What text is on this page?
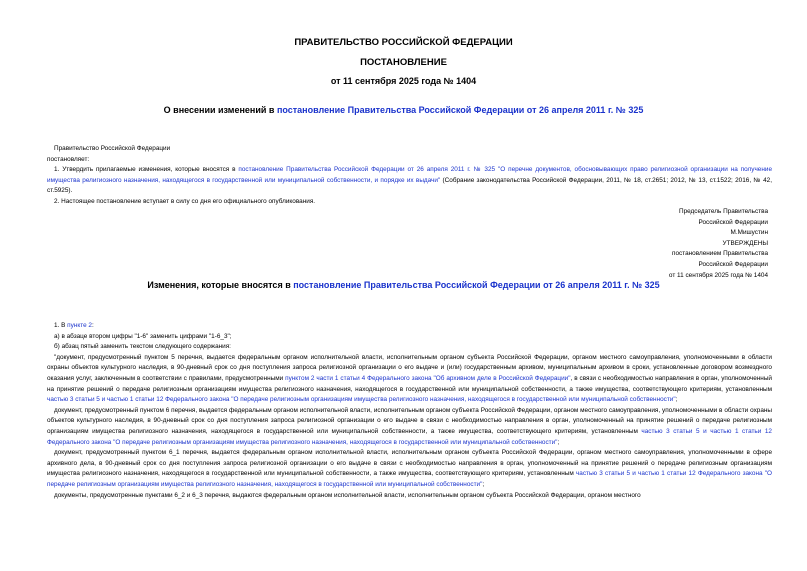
ПРАВИТЕЛЬСТВО РОССИЙСКОЙ ФЕДЕРАЦИИ
ПОСТАНОВЛЕНИЕ
от 11 сентября 2025 года № 1404
О внесении изменений в постановление Правительства Российской Федерации от 26 апреля 2011 г. № 325

Правительство Российской Федерации

постановляет:

1. Утвердить прилагаемые изменения, которые вносятся в постановление Правительства Российской Федерации от 26 апреля 2011 г. № 325 "О перечне документов, обосновывающих право религиозной организации на получение имущества религиозного назначения, находящегося в государственной или муниципальной собственности, и порядке их выдачи" (Собрание законодательства Российской Федерации, 2011, № 18, ст.2651; 2012, № 13, ст.1522; 2016, № 42, ст.5925).

2. Настоящее постановление вступает в силу со дня его официального опубликования.

Председатель Правительства
Российской Федерации
М.Мишустин
УТВЕРЖДЕНЫ
постановлением Правительства
Российской Федерации
от 11 сентября 2025 года № 1404
Изменения, которые вносятся в постановление Правительства Российской Федерации от 26 апреля 2011 г. № 325

1. В пункте 2:

а) в абзаце втором цифры "1-6" заменить цифрами "1-6_3";

б) абзац пятый заменить текстом следующего содержания:

"документ, предусмотренный пунктом 5 перечня, выдается федеральным органом исполнительной власти, исполнительным органом субъекта Российской Федерации, органом местного самоуправления, уполномоченными в области охраны объектов культурного наследия, в 90-дневный срок со дня поступления запроса религиозной организации о его выдаче и (или) государственным архивом, муниципальным архивом в сроки, установленные договором возмездного оказания услуг, заключенным в соответствии с правилами, предусмотренными пунктом 2 части 1 статьи 4 Федерального закона "Об архивном деле в Российской Федерации", в связи с необходимостью направления в орган, уполномоченный на принятие решений о передаче религиозным организациям имущества религиозного назначения, находящегося в государственной или муниципальной собственности, а также имущества, соответствующего критериям, установленным частью 3 статьи 5 и частью 1 статьи 12 Федерального закона "О передаче религиозным организациям имущества религиозного назначения, находящегося в государственной или муниципальной собственности";

документ, предусмотренный пунктом 6 перечня, выдается федеральным органом исполнительной власти, исполнительным органом субъекта Российской Федерации, органом местного самоуправления, уполномоченными в области охраны объектов культурного наследия, в 90-дневный срок со дня поступления запроса религиозной организации о его выдаче в связи с необходимостью направления в орган, уполномоченный на принятие решений о передаче религиозным организациям имущества религиозного назначения, находящегося в государственной или муниципальной собственности, а также имущества, соответствующего критериям, установленным частью 3 статьи 5 и частью 1 статьи 12 Федерального закона "О передаче религиозным организациям имущества религиозного назначения, находящегося в государственной или муниципальной собственности";

документ, предусмотренный пунктом 6_1 перечня, выдается федеральным органом исполнительной власти, исполнительным органом субъекта Российской Федерации, органом местного самоуправления, уполномоченными в сфере архивного дела, в 90-дневный срок со дня поступления запроса религиозной организации о его выдаче в связи с необходимостью направления в орган, уполномоченный на принятие решений о передаче религиозным организациям имущества религиозного назначения, находящегося в государственной или муниципальной собственности, а также имущества, соответствующего критериям, установленным частью 3 статьи 5 и частью 1 статьи 12 Федерального закона "О передаче религиозным организациям имущества религиозного назначения, находящегося в государственной или муниципальной собственности";

документы, предусмотренные пунктами 6_2 и 6_3 перечня, выдаются федеральным органом исполнительной власти, исполнительным органом субъекта Российской Федерации, органом местного
